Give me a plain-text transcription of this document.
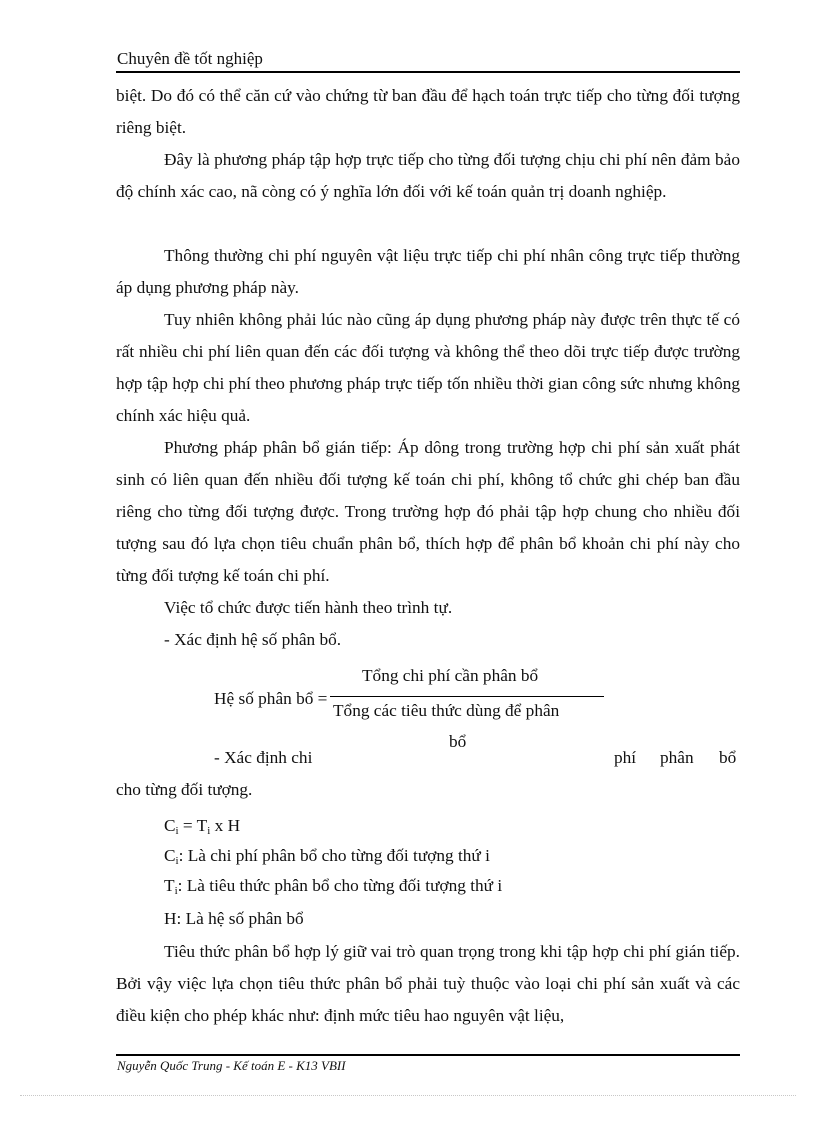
Chuyên đề tốt nghiệp

biệt. Do đó có thể căn cứ vào chứng từ ban đầu để hạch toán trực tiếp cho từng đối tượng riêng biệt.

Đây là phương pháp tập hợp trực tiếp cho từng đối tượng chịu chi phí nên đảm bảo độ chính xác cao, nã còng có ý nghĩa lớn đối với kế toán quản trị doanh nghiệp.

Thông thường chi phí nguyên vật liệu trực tiếp chi phí nhân công trực tiếp thường áp dụng phương pháp này.

Tuy nhiên không phải lúc nào cũng áp dụng phương pháp này được trên thực tế có rất nhiều chi phí liên quan đến các đối tượng và không thể theo dõi trực tiếp được trường hợp tập hợp chi phí theo phương pháp trực tiếp tốn nhiều thời gian công sức nhưng không chính xác hiệu quả.

Phương pháp phân bổ gián tiếp: Áp dông trong trường hợp chi phí sản xuất phát sinh có liên quan đến nhiều đối tượng kế toán chi phí, không tổ chức ghi chép ban đầu riêng cho từng đối tượng được. Trong trường hợp đó phải tập hợp chung cho nhiều đối tượng sau đó lựa chọn tiêu chuẩn phân bổ, thích hợp để phân bổ khoản chi phí này cho từng đối tượng kế toán chi phí.

Việc tổ chức được tiến hành theo trình tự.

- Xác định hệ số phân bổ.

Hệ số phân bổ =
Tổng chi phí cần phân bổ
Tổng các tiêu thức dùng để phân
bổ
- Xác định chi	phí phân bổ
cho từng đối tượng.
$C_i = T_i$ x H
$C_i$: Là chi phí phân bổ cho từng đối tượng thứ i
$T_i$: Là tiêu thức phân bổ cho từng đối tượng thứ i
H: Là hệ số phân bổ

Tiêu thức phân bổ hợp lý giữ vai trò quan trọng trong khi tập hợp chi phí gián tiếp. Bởi vậy việc lựa chọn tiêu thức phân bổ phải tuỳ thuộc vào loại chi phí sản xuất và các điều kiện cho phép khác như: định mức tiêu hao nguyên vật liệu,

Nguyễn Quốc Trung - Kế toán E - K13 VBII
